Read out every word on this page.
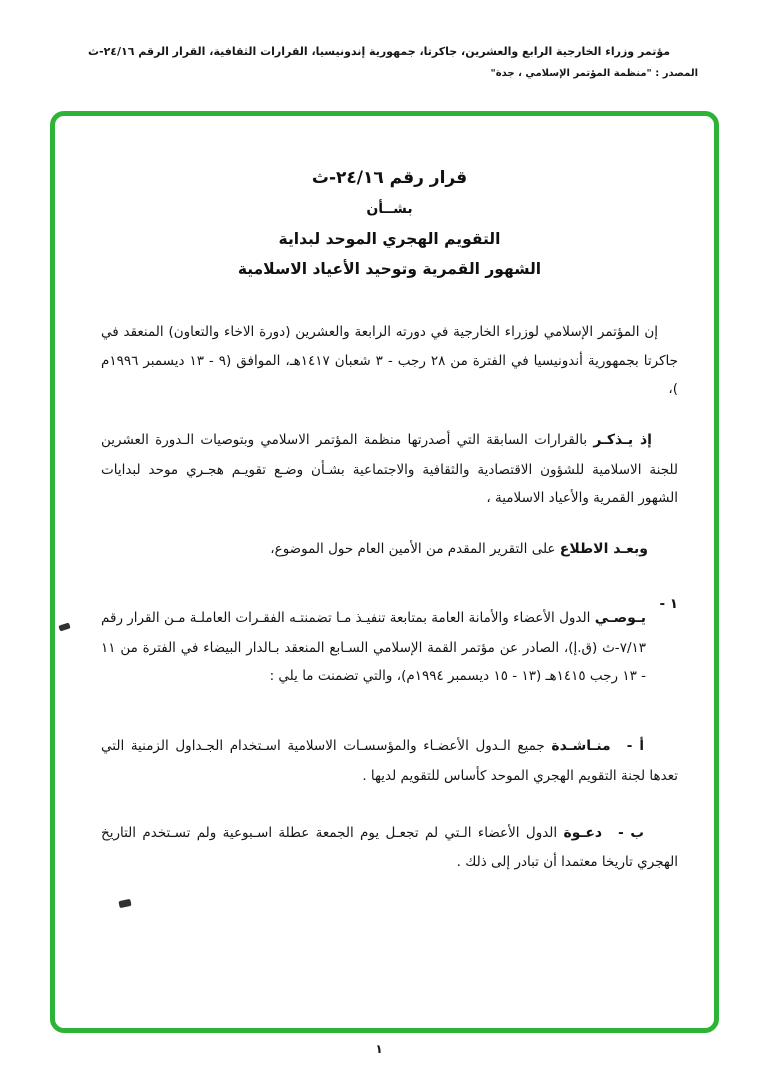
مؤتمر وزراء الخارجية الرابع والعشرين، جاكرتا، جمهورية إندونيسيا، القرارات الثقافية، القرار الرقم ٢٤/١٦-ث
المصدر : "منظمة المؤتمر الإسلامي ، جدة"
قرار رقم ٢٤/١٦-ث
بشــأن
التقويم الهجري الموحد لبداية
الشهور القمرية وتوحيد الأعياد الاسلامية

إن المؤتمر الإسلامي لوزراء الخارجية في دورته الرابعة والعشرين (دورة الاخاء والتعاون) المنعقد في جاكرتا بجمهورية أندونيسيا في الفترة من ٢٨ رجب - ٣ شعبان ١٤١٧هـ، الموافق (٩ - ١٣ ديسمبر ١٩٩٦م )،

إذ يـذكـر بالقرارات السابقة التي أصدرتها منظمة المؤتمر الاسلامي وبتوصيات الـدورة العشرين للجنة الاسلامية للشؤون الاقتصادية والثقافية والاجتماعية بشـأن وضـع تقويـم هجـري موحد لبدايات الشهور القمرية والأعياد الاسلامية ،

وبعـد الاطلاع على التقرير المقدم من الأمين العام حول الموضوع،

١ -

يـوصـي الدول الأعضاء والأمانة العامة بمتابعة تنفيـذ مـا تضمنتـه الفقـرات العاملـة مـن القرار رقم ٧/١٣-ث (ق.إ)، الصادر عن مؤتمر القمة الإسلامي السـابع المنعقد بـالدار البيضاء في الفترة من ١١ - ١٣ رجب ١٤١٥هـ (١٣ - ١٥ ديسمبر ١٩٩٤م)، والتي تضمنت ما يلي :

أ -منـاشـدة جميع الـدول الأعضـاء والمؤسسـات الاسلامية اسـتخدام الجـداول الزمنية التي تعدها لجنة التقويم الهجري الموحد كأساس للتقويم لديها .

ب -دعـوة الدول الأعضاء الـتي لم تجعـل يوم الجمعة عطلة اسـبوعية ولم تسـتخدم التاريخ الهجري تاريخا معتمدا أن تبادر إلى ذلك .

١
